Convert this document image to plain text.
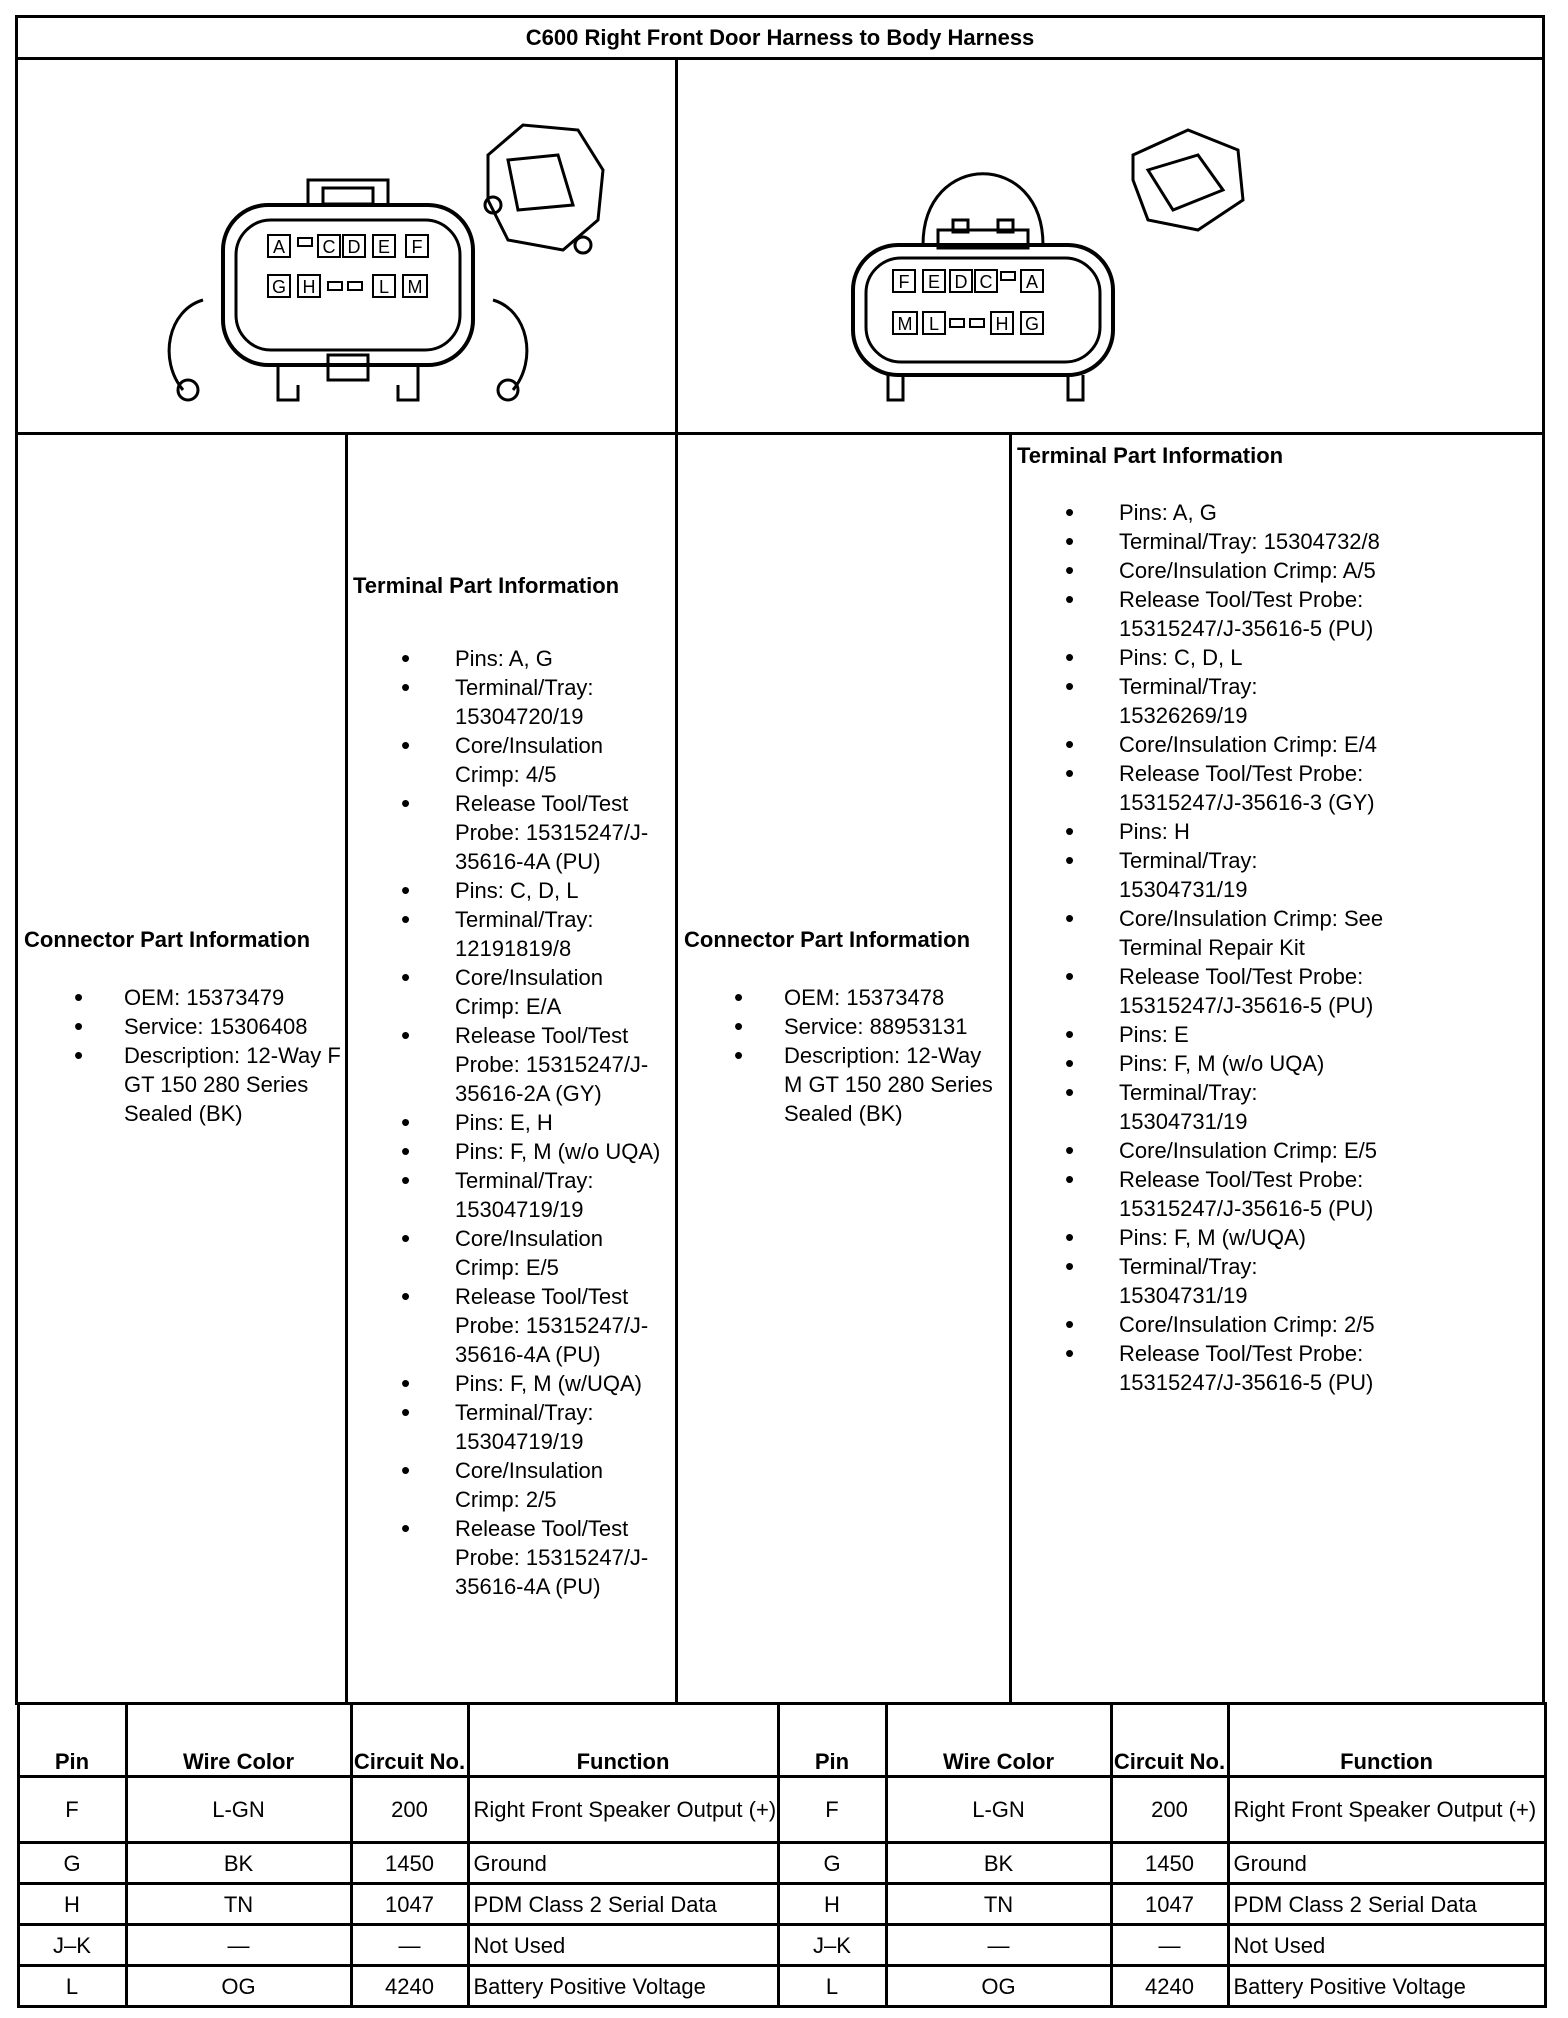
C600 Right Front Door Harness to Body Harness

A C D E F
G H	L M	F E D C A
M L	H G

Connector Part Information
• OEM: 15373479
• Service: 15306408
• Description: 12-Way F GT 150 280 Series Sealed (BK)

Terminal Part Information
• Pins: A, G
• Terminal/Tray: 15304720/19
• Core/Insulation Crimp: 4/5
• Release Tool/Test Probe: 15315247/J-35616-4A (PU)
• Pins: C, D, L
• Terminal/Tray: 12191819/8
• Core/Insulation Crimp: E/A
• Release Tool/Test Probe: 15315247/J-35616-2A (GY)
• Pins: E, H
• Pins: F, M (w/o UQA)
• Terminal/Tray: 15304719/19
• Core/Insulation Crimp: E/5
• Release Tool/Test Probe: 15315247/J-35616-4A (PU)
• Pins: F, M (w/UQA)
• Terminal/Tray: 15304719/19
• Core/Insulation Crimp: 2/5
• Release Tool/Test Probe: 15315247/J-35616-4A (PU)

Connector Part Information
• OEM: 15373478
• Service: 88953131
• Description: 12-Way M GT 150 280 Series Sealed (BK)

Terminal Part Information
• Pins: A, G
• Terminal/Tray: 15304732/8
• Core/Insulation Crimp: A/5
• Release Tool/Test Probe: 15315247/J-35616-5 (PU)
• Pins: C, D, L
• Terminal/Tray: 15326269/19
• Core/Insulation Crimp: E/4
• Release Tool/Test Probe: 15315247/J-35616-3 (GY)
• Pins: H
• Terminal/Tray: 15304731/19
• Core/Insulation Crimp: See Terminal Repair Kit
• Release Tool/Test Probe: 15315247/J-35616-5 (PU)
• Pins: E
• Pins: F, M (w/o UQA)
• Terminal/Tray: 15304731/19
• Core/Insulation Crimp: E/5
• Release Tool/Test Probe: 15315247/J-35616-5 (PU)
• Pins: F, M (w/UQA)
• Terminal/Tray: 15304731/19
• Core/Insulation Crimp: 2/5
• Release Tool/Test Probe: 15315247/J-35616-5 (PU)

Pin	Wire Color	Circuit No.	Function	Pin	Wire Color	Circuit No.	Function
F	L-GN	200	Right Front Speaker Output (+)	F	L-GN	200	Right Front Speaker Output (+)
G	BK	1450	Ground	G	BK	1450	Ground
H	TN	1047	PDM Class 2 Serial Data	H	TN	1047	PDM Class 2 Serial Data
J–K	—	—	Not Used	J–K	—	—	Not Used
L	OG	4240	Battery Positive Voltage	L	OG	4240	Battery Positive Voltage
